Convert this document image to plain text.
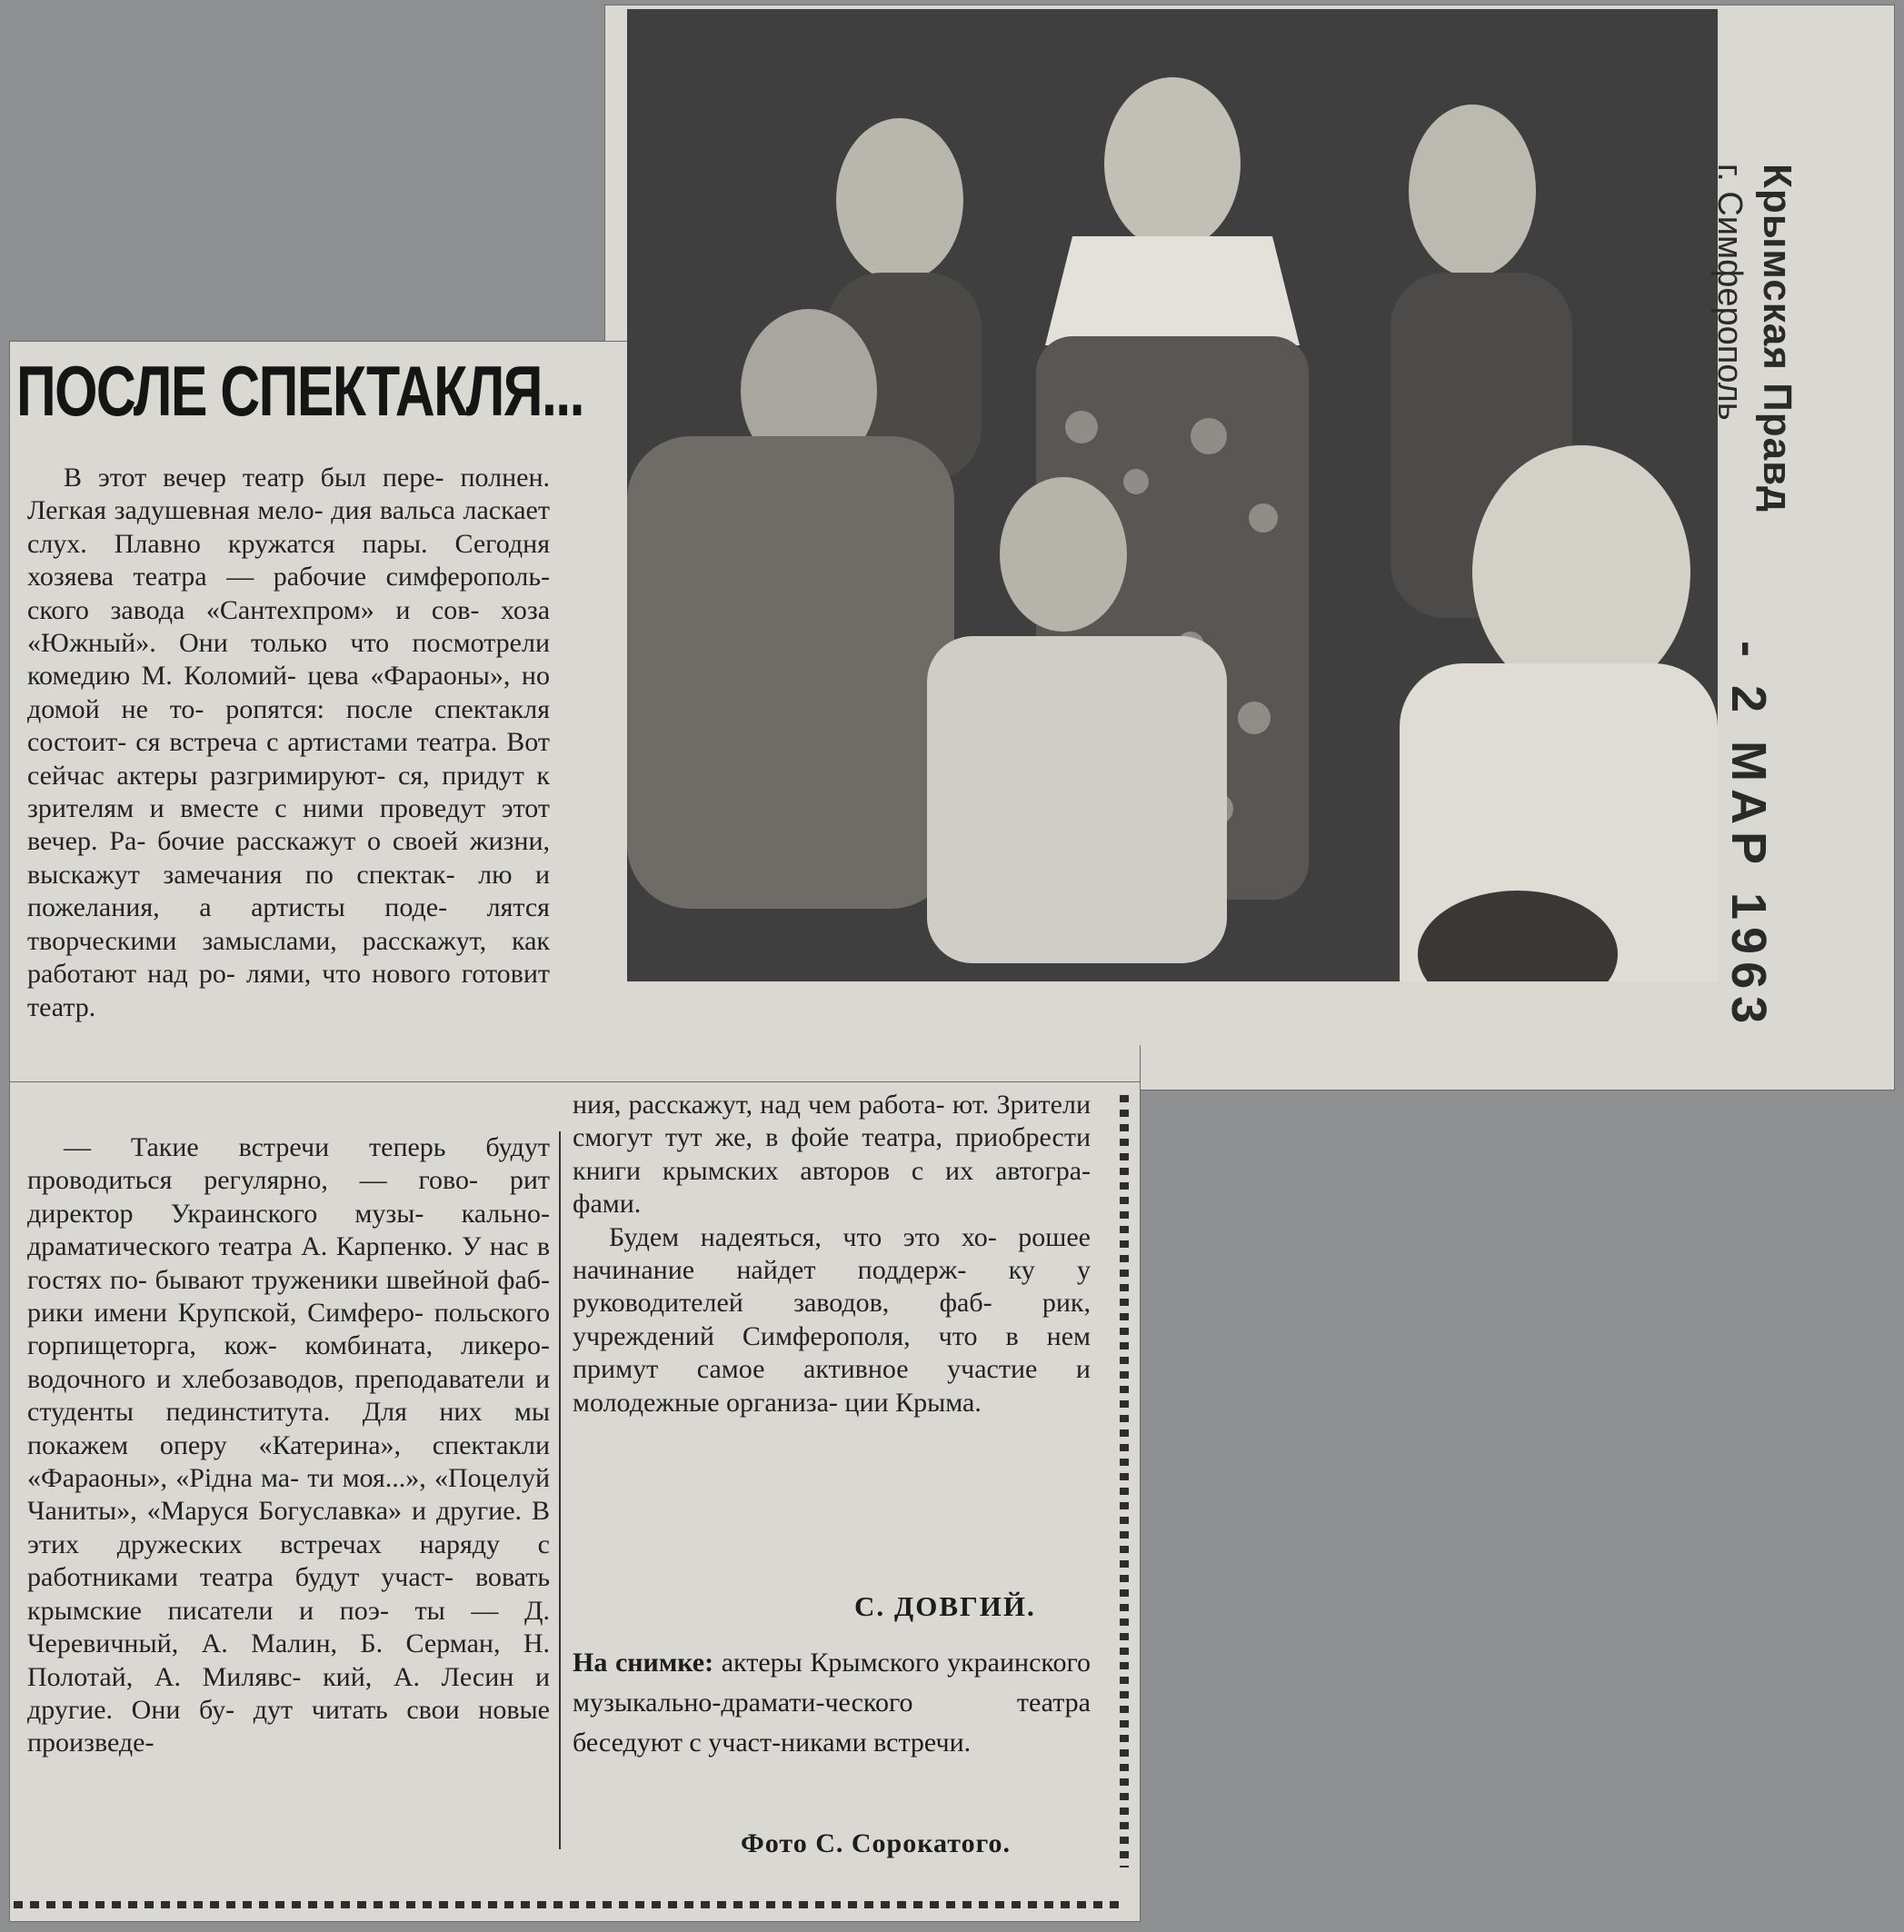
ПОСЛЕ СПЕКТАКЛЯ...

В этот вечер театр был пере- полнен. Легкая задушевная мело- дия вальса ласкает слух. Плавно кружатся пары. Сегодня хозяева театра — рабочие симферополь- ского завода «Сантехпром» и сов- хоза «Южный». Они только что посмотрели комедию М. Коломий- цева «Фараоны», но домой не то- ропятся: после спектакля состоит- ся встреча с артистами театра. Вот сейчас актеры разгримируют- ся, придут к зрителям и вместе с ними проведут этот вечер. Ра- бочие расскажут о своей жизни, выскажут замечания по спектак- лю и пожелания, а артисты поде- лятся творческими замыслами, расскажут, как работают над ро- лями, что нового готовит театр.

— Такие встречи теперь будут проводиться регулярно, — гово- рит директор Украинского музы- кально-драматического театра А. Карпенко. У нас в гостях по- бывают труженики швейной фаб- рики имени Крупской, Симферо- польского горпищеторга, кож- комбината, ликеро-водочного и хлебозаводов, преподаватели и студенты пединститута. Для них мы покажем оперу «Катерина», спектакли «Фараоны», «Рідна ма- ти моя...», «Поцелуй Чаниты», «Маруся Богуславка» и другие. В этих дружеских встречах наряду с работниками театра будут участ- вовать крымские писатели и поэ- ты — Д. Черевичный, А. Малин, Б. Серман, Н. Полотай, А. Милявс- кий, А. Лесин и другие. Они бу- дут читать свои новые произведе-

ния, расскажут, над чем работа- ют. Зрители смогут тут же, в фойе театра, приобрести книги крымских авторов с их автогра- фами.

Будем надеяться, что это хо- рошее начинание найдет поддерж- ку у руководителей заводов, фаб- рик, учреждений Симферополя, что в нем примут самое активное участие и молодежные организа- ции Крыма.

С. ДОВГИЙ.
На снимке: актеры Крымского украинского музыкально-драмати-ческого театра беседуют с участ-никами встречи.
Фото С. Сорокатого.
Крымская Правд
г. Симферополь
- 2 МАР 1963
